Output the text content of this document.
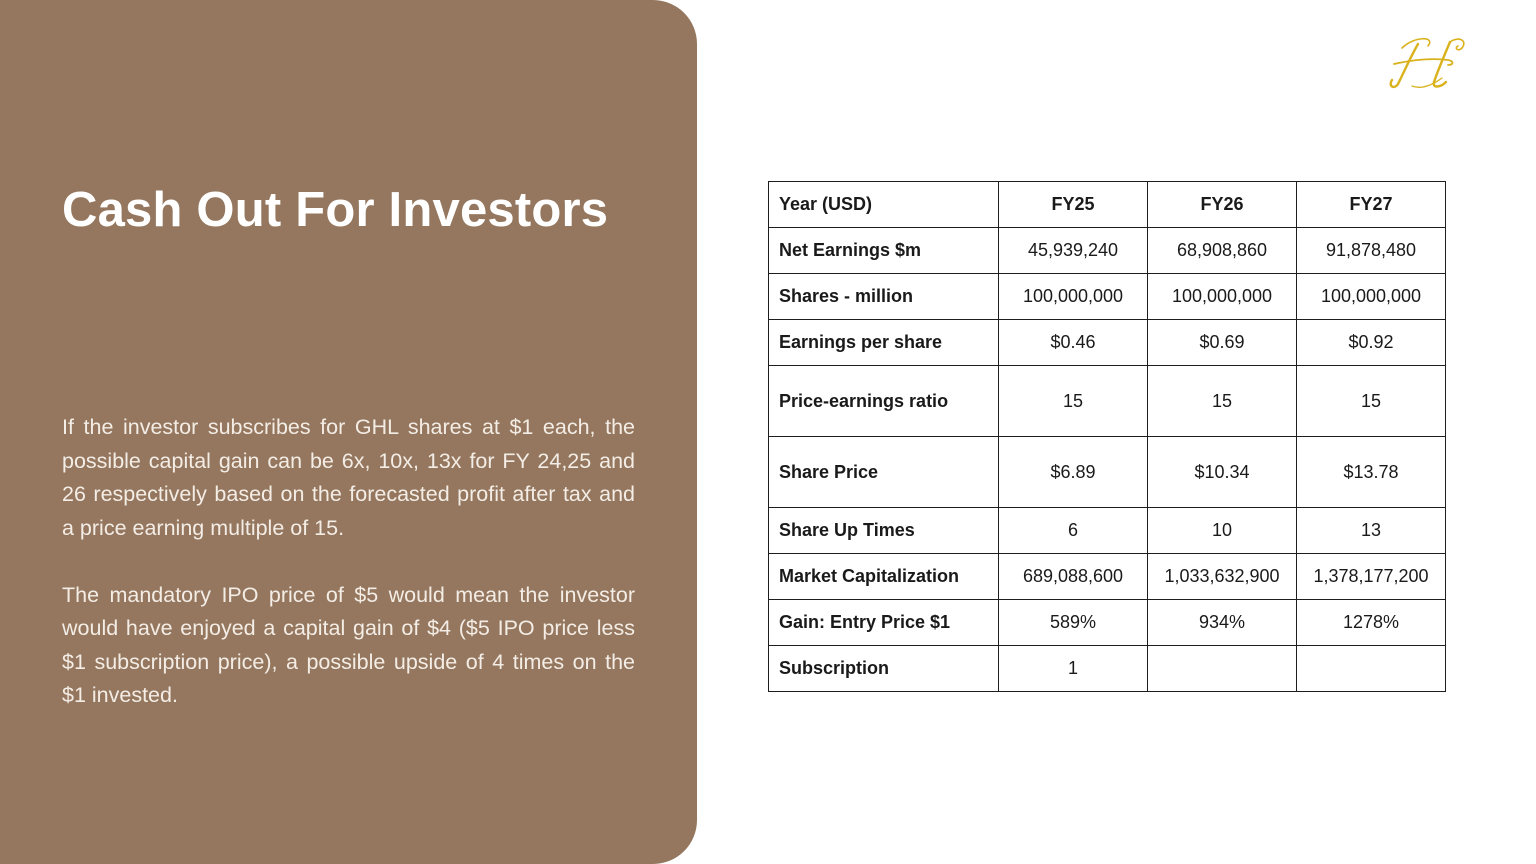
Cash Out For Investors

If the investor subscribes for GHL shares at $1 each, the possible capital gain can be 6x, 10x, 13x for FY 24,25 and 26 respectively based on the forecasted profit after tax and a price earning multiple of 15.

The mandatory IPO price of $5 would mean the investor would have enjoyed a capital gain of $4 ($5 IPO price less $1 subscription price), a possible upside of 4 times on the $1 invested.

Year (USD)	FY25	FY26	FY27
Net Earnings $m	45,939,240	68,908,860	91,878,480
Shares - million	100,000,000	100,000,000	100,000,000
Earnings per share	$0.46	$0.69	$0.92
Price-earnings ratio	15	15	15
Share Price	$6.89	$10.34	$13.78
Share Up Times	6	10	13
Market Capitalization	689,088,600	1,033,632,900	1,378,177,200
Gain: Entry Price $1	589%	934%	1278%
Subscription	1		
